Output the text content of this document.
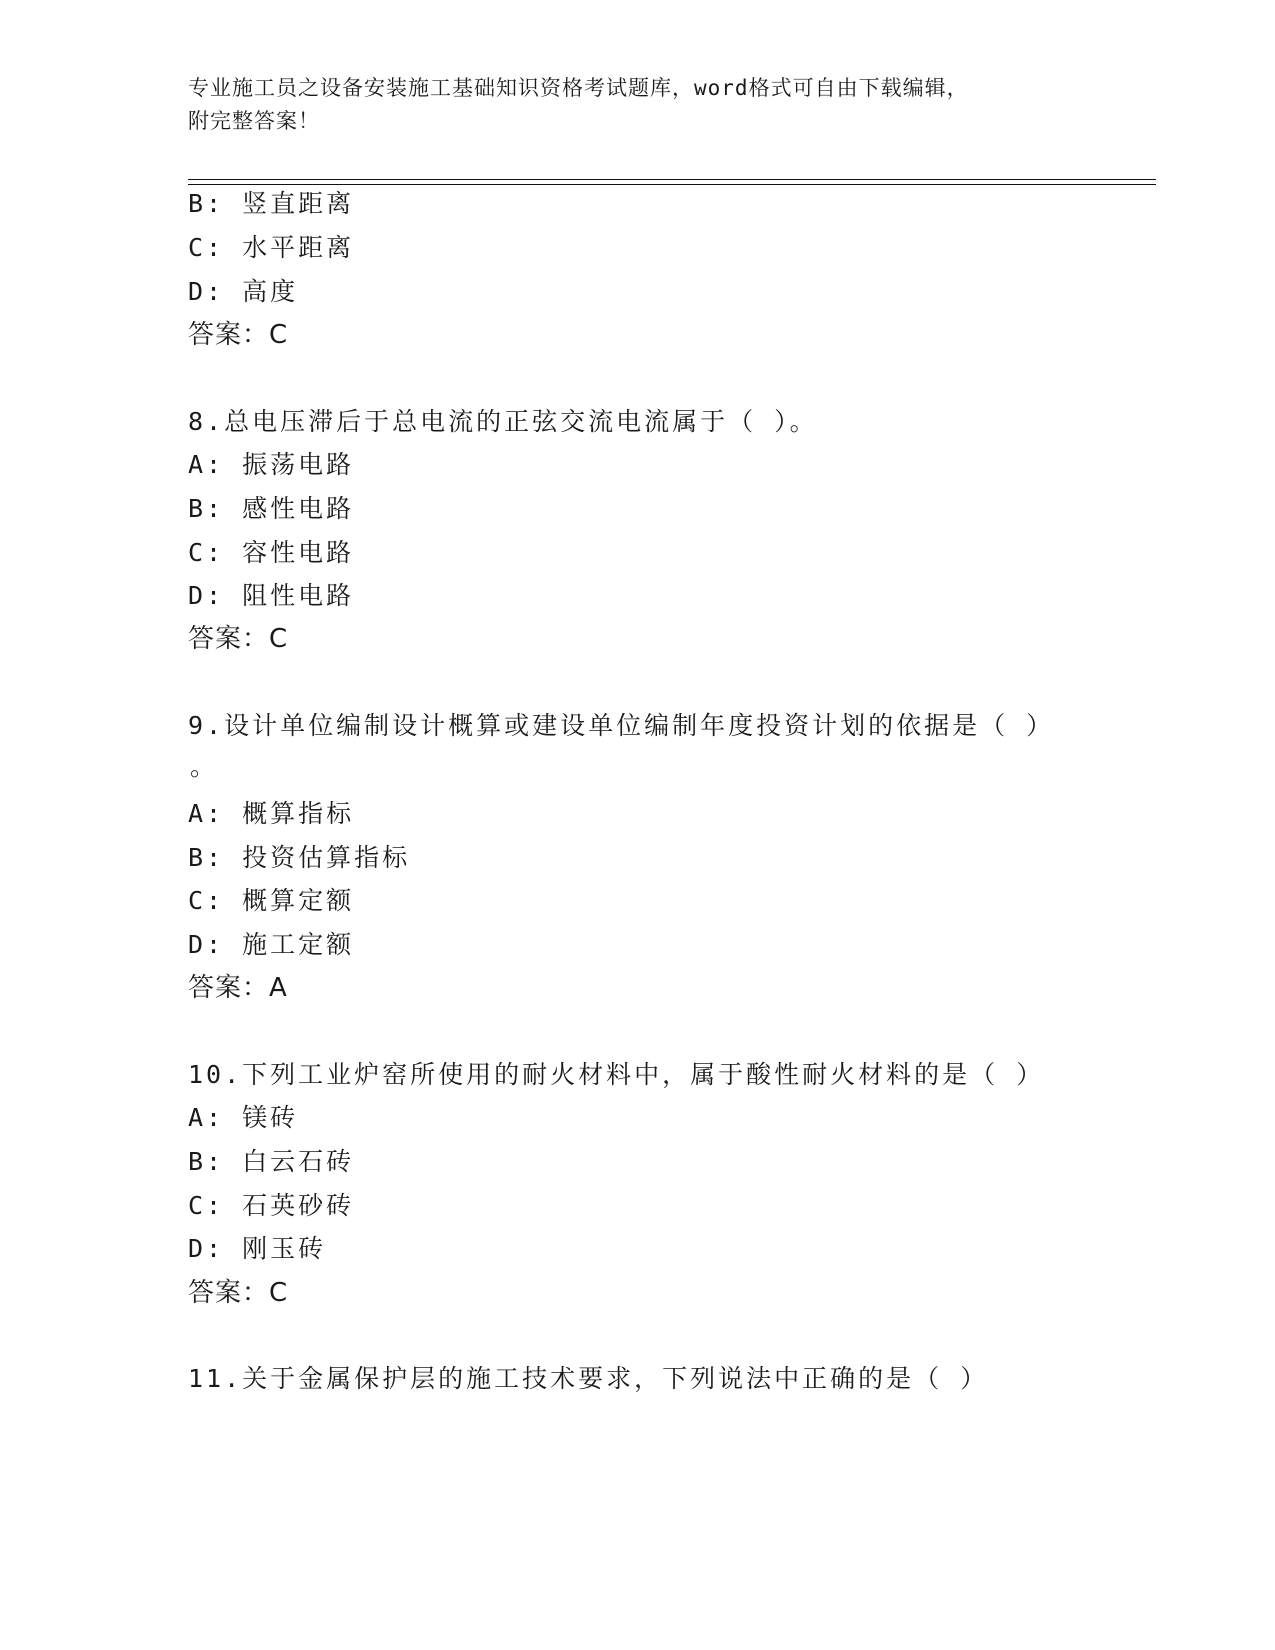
专业施工员之设备安装施工基础知识资格考试题库，word格式可自由下载编辑，
附完整答案！
B: 竖直距离
C: 水平距离
D: 高度
答案：C
8.总电压滞后于总电流的正弦交流电流属于（ ）。
A: 振荡电路
B: 感性电路
C: 容性电路
D: 阻性电路
答案：C
9.设计单位编制设计概算或建设单位编制年度投资计划的依据是（ ）
。
A: 概算指标
B: 投资估算指标
C: 概算定额
D: 施工定额
答案：A
10.下列工业炉窑所使用的耐火材料中，属于酸性耐火材料的是（ ）
A: 镁砖
B: 白云石砖
C: 石英砂砖
D: 刚玉砖
答案：C
11.关于金属保护层的施工技术要求，下列说法中正确的是（ ）
